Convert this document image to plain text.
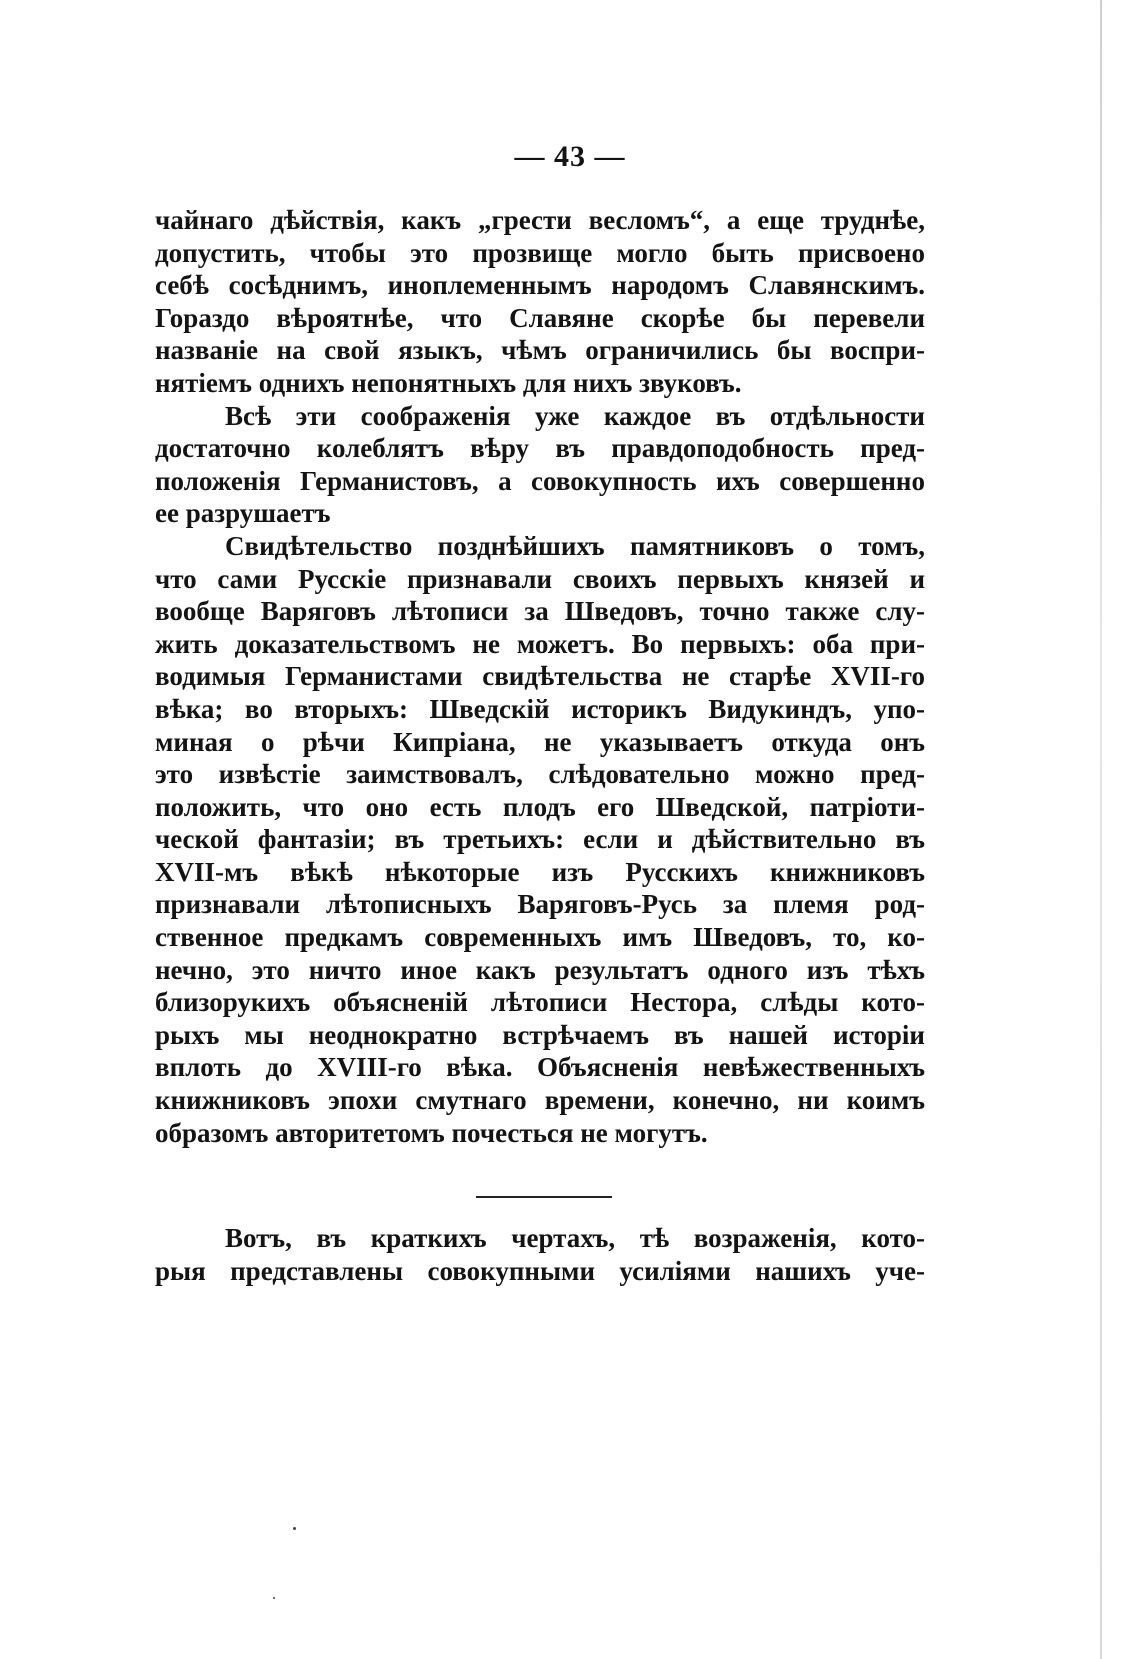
— 43 —
чайнаго дѣйствія, какъ „грести весломъ“, а еще труднѣе,
допустить, чтобы это прозвище могло быть присвоено
себѣ сосѣднимъ, иноплеменнымъ народомъ Славянскимъ.
Гораздо вѣроятнѣе, что Славяне скорѣе бы перевели
названіе на свой языкъ, чѣмъ ограничились бы воспри-
нятіемъ однихъ непонятныхъ для нихъ звуковъ.
Всѣ эти соображенія уже каждое въ отдѣльности
достаточно колеблятъ вѣру въ правдоподобность пред-
положенія Германистовъ, а совокупность ихъ совершенно
ее разрушаетъ
Свидѣтельство позднѣйшихъ памятниковъ о томъ,
что сами Русскіе признавали своихъ первыхъ князей и
вообще Варяговъ лѣтописи за Шведовъ, точно также слу-
жить доказательствомъ не можетъ. Во первыхъ: оба при-
водимыя Германистами свидѣтельства не старѣе XVII-го
вѣка; во вторыхъ: Шведскій историкъ Видукиндъ, упо-
миная о рѣчи Кипріана, не указываетъ откуда онъ
это извѣстіе заимствовалъ, слѣдовательно можно пред-
положить, что оно есть плодъ его Шведской, патріоти-
ческой фантазіи; въ третьихъ: если и дѣйствительно въ
XVII-мъ вѣкѣ нѣкоторые изъ Русскихъ книжниковъ
признавали лѣтописныхъ Варяговъ-Русь за племя род-
ственное предкамъ современныхъ имъ Шведовъ, то, ко-
нечно, это ничто иное какъ результатъ одного изъ тѣхъ
близорукихъ объясненій лѣтописи Нестора, слѣды кото-
рыхъ мы неоднократно встрѣчаемъ въ нашей исторіи
вплоть до XVIII-го вѣка. Объясненія невѣжественныхъ
книжниковъ эпохи смутнаго времени, конечно, ни коимъ
образомъ авторитетомъ почесться не могутъ.
Вотъ, въ краткихъ чертахъ, тѣ возраженія, кото-
рыя представлены совокупными усиліями нашихъ уче-
